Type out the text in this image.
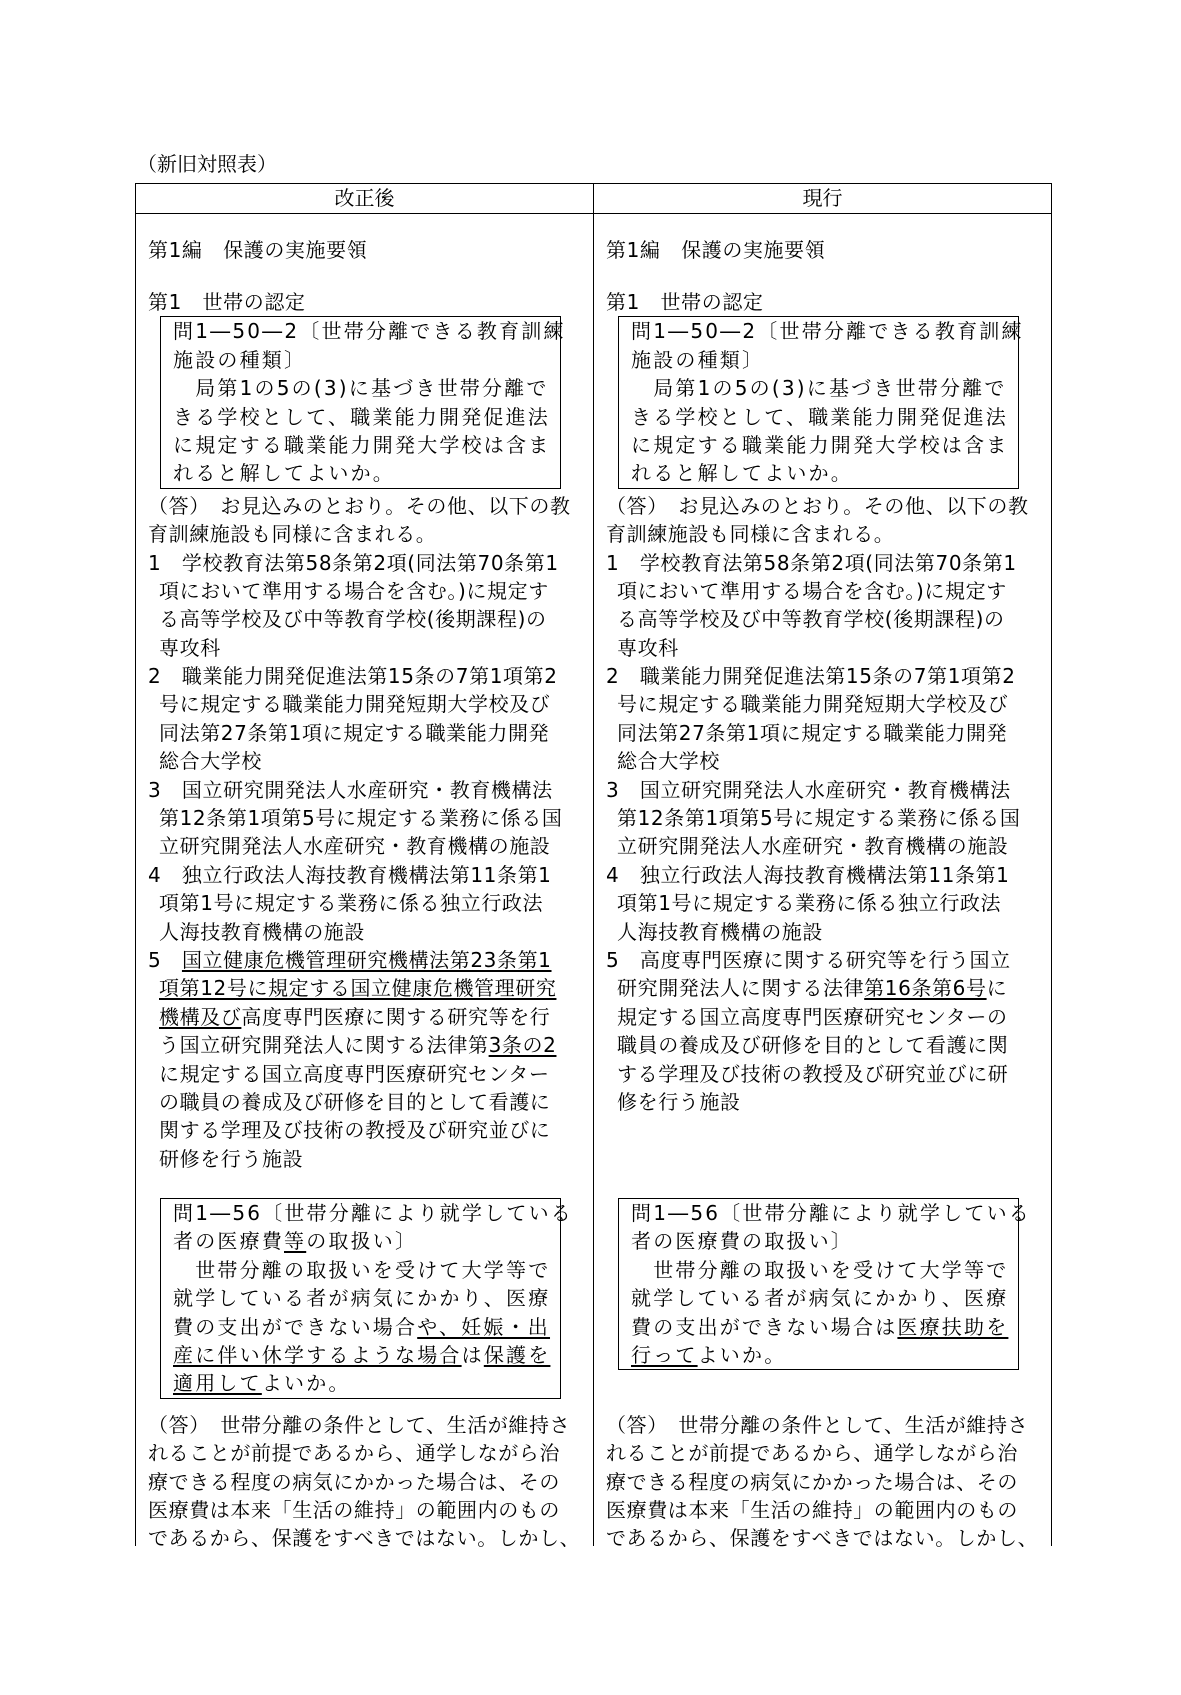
（新旧対照表）
改正後
第1編　保護の実施要領
第1　世帯の認定
問1―50―2〔世帯分離できる教育訓練
施設の種類〕
　局第1の5の(3)に基づき世帯分離で
きる学校として、職業能力開発促進法
に規定する職業能力開発大学校は含ま
れると解してよいか。
（答）　お見込みのとおり。その他、以下の教
育訓練施設も同様に含まれる。
1　学校教育法第58条第2項(同法第70条第1
項において準用する場合を含む。)に規定す
る高等学校及び中等教育学校(後期課程)の
専攻科
2　職業能力開発促進法第15条の7第1項第2
号に規定する職業能力開発短期大学校及び
同法第27条第1項に規定する職業能力開発
総合大学校
3　国立研究開発法人水産研究・教育機構法
第12条第1項第5号に規定する業務に係る国
立研究開発法人水産研究・教育機構の施設
4　独立行政法人海技教育機構法第11条第1
項第1号に規定する業務に係る独立行政法
人海技教育機構の施設
5　国立健康危機管理研究機構法第23条第1
項第12号に規定する国立健康危機管理研究
機構及び高度専門医療に関する研究等を行
う国立研究開発法人に関する法律第3条の2
に規定する国立高度専門医療研究センター
の職員の養成及び研修を目的として看護に
関する学理及び技術の教授及び研究並びに
研修を行う施設
問1―56〔世帯分離により就学している
者の医療費等の取扱い〕
　世帯分離の取扱いを受けて大学等で
就学している者が病気にかかり、医療
費の支出ができない場合や、妊娠・出
産に伴い休学するような場合は保護を
適用してよいか。
（答）　世帯分離の条件として、生活が維持さ
れることが前提であるから、通学しながら治
療できる程度の病気にかかった場合は、その
医療費は本来「生活の維持」の範囲内のもの
であるから、保護をすべきではない。しかし、
現行
第1編　保護の実施要領
第1　世帯の認定
問1―50―2〔世帯分離できる教育訓練
施設の種類〕
　局第1の5の(3)に基づき世帯分離で
きる学校として、職業能力開発促進法
に規定する職業能力開発大学校は含ま
れると解してよいか。
（答）　お見込みのとおり。その他、以下の教
育訓練施設も同様に含まれる。
1　学校教育法第58条第2項(同法第70条第1
項において準用する場合を含む。)に規定す
る高等学校及び中等教育学校(後期課程)の
専攻科
2　職業能力開発促進法第15条の7第1項第2
号に規定する職業能力開発短期大学校及び
同法第27条第1項に規定する職業能力開発
総合大学校
3　国立研究開発法人水産研究・教育機構法
第12条第1項第5号に規定する業務に係る国
立研究開発法人水産研究・教育機構の施設
4　独立行政法人海技教育機構法第11条第1
項第1号に規定する業務に係る独立行政法
人海技教育機構の施設
5　高度専門医療に関する研究等を行う国立
研究開発法人に関する法律第16条第6号に
規定する国立高度専門医療研究センターの
職員の養成及び研修を目的として看護に関
する学理及び技術の教授及び研究並びに研
修を行う施設
問1―56〔世帯分離により就学している
者の医療費の取扱い〕
　世帯分離の取扱いを受けて大学等で
就学している者が病気にかかり、医療
費の支出ができない場合は医療扶助を
行ってよいか。
（答）　世帯分離の条件として、生活が維持さ
れることが前提であるから、通学しながら治
療できる程度の病気にかかった場合は、その
医療費は本来「生活の維持」の範囲内のもの
であるから、保護をすべきではない。しかし、
